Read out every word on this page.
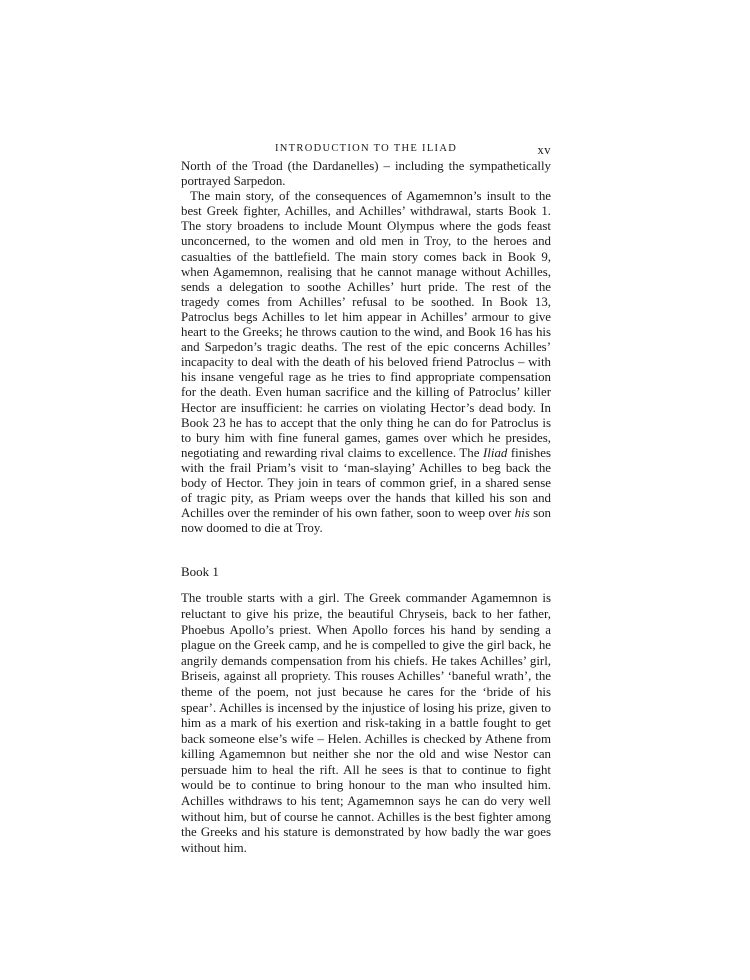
INTRODUCTION TO THE ILIAD	xv

North of the Troad (the Dardanelles) – including the sympathetically portrayed Sarpedon.

The main story, of the consequences of Agamemnon’s insult to the best Greek fighter, Achilles, and Achilles’ withdrawal, starts Book 1. The story broadens to include Mount Olympus where the gods feast unconcerned, to the women and old men in Troy, to the heroes and casualties of the battlefield. The main story comes back in Book 9, when Agamemnon, realising that he cannot manage without Achilles, sends a delegation to soothe Achilles’ hurt pride. The rest of the tragedy comes from Achilles’ refusal to be soothed. In Book 13, Patroclus begs Achilles to let him appear in Achilles’ armour to give heart to the Greeks; he throws caution to the wind, and Book 16 has his and Sarpedon’s tragic deaths. The rest of the epic concerns Achilles’ incapacity to deal with the death of his beloved friend Patroclus – with his insane vengeful rage as he tries to find appropriate compensation for the death. Even human sacrifice and the killing of Patroclus’ killer Hector are insufficient: he carries on violating Hector’s dead body. In Book 23 he has to accept that the only thing he can do for Patroclus is to bury him with fine funeral games, games over which he presides, negotiating and rewarding rival claims to excellence. The Iliad finishes with the frail Priam’s visit to ‘man-slaying’ Achilles to beg back the body of Hector. They join in tears of common grief, in a shared sense of tragic pity, as Priam weeps over the hands that killed his son and Achilles over the reminder of his own father, soon to weep over his son now doomed to die at Troy.

Book 1

The trouble starts with a girl. The Greek commander Agamemnon is reluctant to give his prize, the beautiful Chryseis, back to her father, Phoebus Apollo’s priest. When Apollo forces his hand by sending a plague on the Greek camp, and he is compelled to give the girl back, he angrily demands compensation from his chiefs. He takes Achilles’ girl, Briseis, against all propriety. This rouses Achilles’ ‘baneful wrath’, the theme of the poem, not just because he cares for the ‘bride of his spear’. Achilles is incensed by the injustice of losing his prize, given to him as a mark of his exertion and risk-taking in a battle fought to get back someone else’s wife – Helen. Achilles is checked by Athene from killing Agamemnon but neither she nor the old and wise Nestor can persuade him to heal the rift. All he sees is that to continue to fight would be to continue to bring honour to the man who insulted him. Achilles withdraws to his tent; Agamemnon says he can do very well without him, but of course he cannot. Achilles is the best fighter among the Greeks and his stature is demonstrated by how badly the war goes without him.
